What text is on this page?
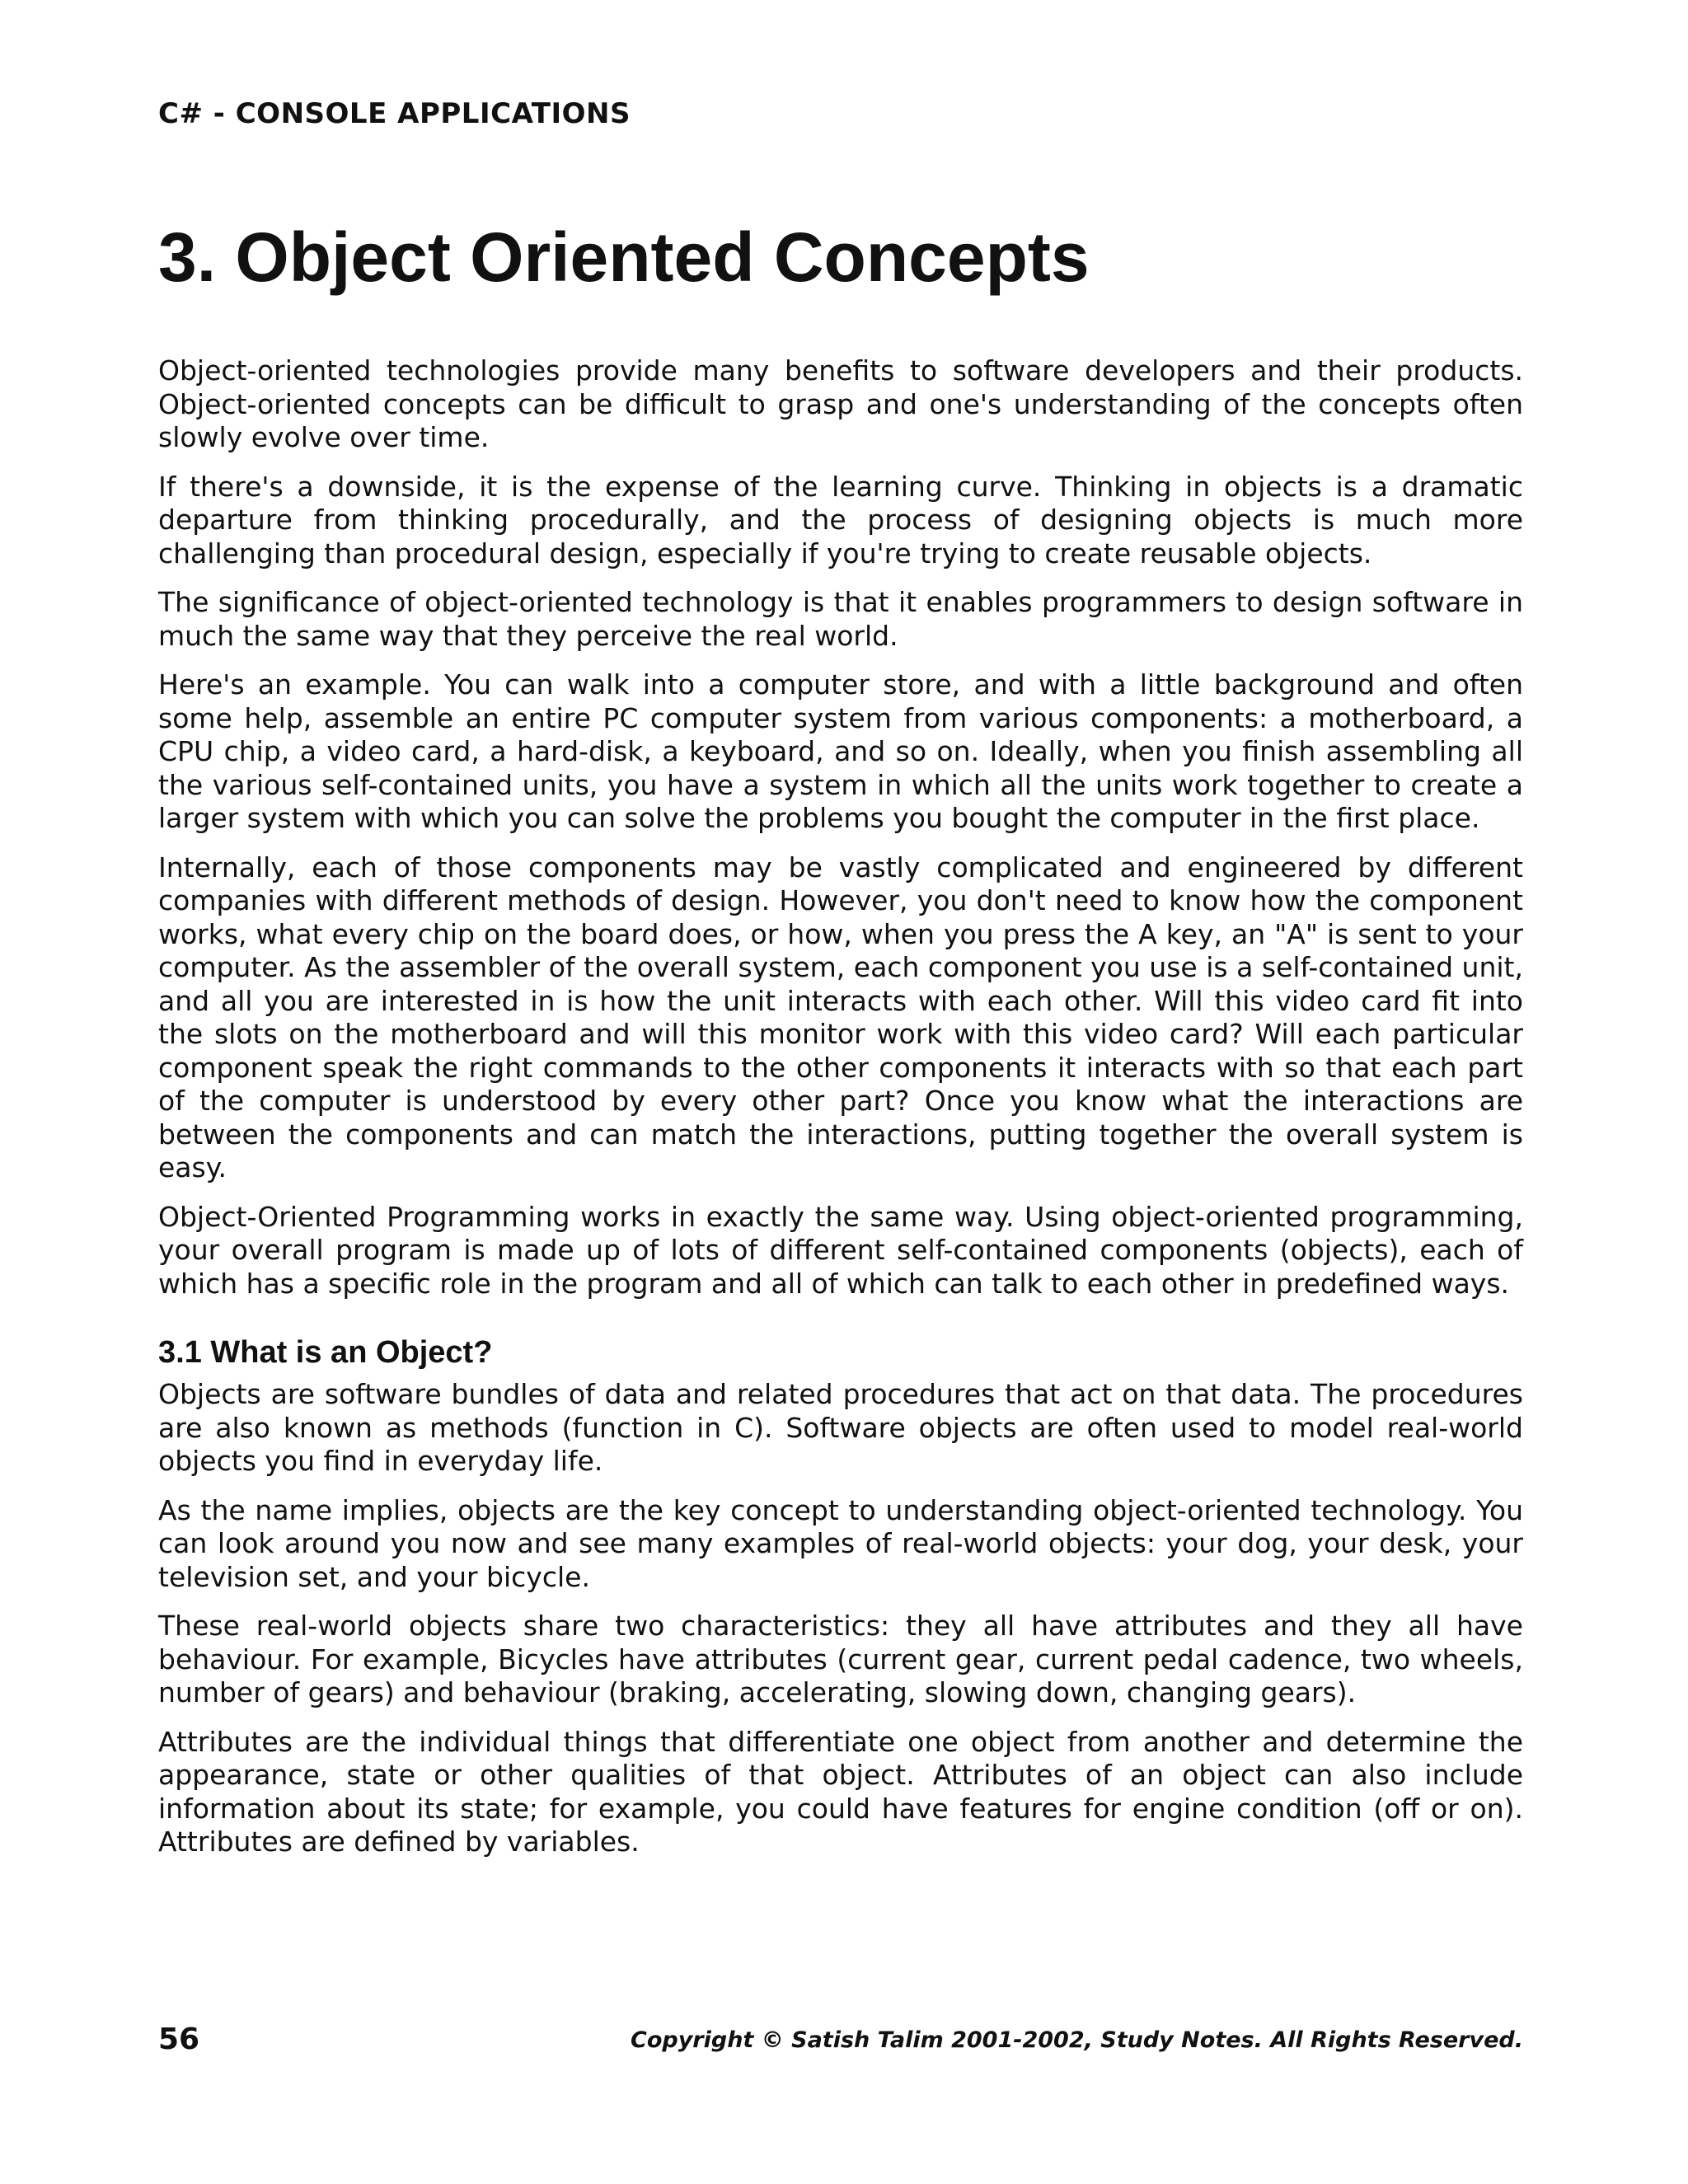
C# - CONSOLE APPLICATIONS
3. Object Oriented Concepts

Object-oriented technologies provide many benefits to software developers and their products. Object-oriented concepts can be difficult to grasp and one's understanding of the concepts often slowly evolve over time.

If there's a downside, it is the expense of the learning curve. Thinking in objects is a dramatic departure from thinking procedurally, and the process of designing objects is much more challenging than procedural design, especially if you're trying to create reusable objects.

The significance of object-oriented technology is that it enables programmers to design software in much the same way that they perceive the real world.

Here's an example. You can walk into a computer store, and with a little background and often some help, assemble an entire PC computer system from various components: a motherboard, a CPU chip, a video card, a hard-disk, a keyboard, and so on. Ideally, when you finish assembling all the various self-contained units, you have a system in which all the units work together to create a larger system with which you can solve the problems you bought the computer in the first place.

Internally, each of those components may be vastly complicated and engineered by different companies with different methods of design. However, you don't need to know how the component works, what every chip on the board does, or how, when you press the A key, an "A" is sent to your computer. As the assembler of the overall system, each component you use is a self-contained unit, and all you are interested in is how the unit interacts with each other. Will this video card fit into the slots on the motherboard and will this monitor work with this video card? Will each particular component speak the right commands to the other components it interacts with so that each part of the computer is understood by every other part? Once you know what the interactions are between the components and can match the interactions, putting together the overall system is easy.

Object-Oriented Programming works in exactly the same way. Using object-oriented programming, your overall program is made up of lots of different self-contained components (objects), each of which has a specific role in the program and all of which can talk to each other in predefined ways.

3.1 What is an Object?

Objects are software bundles of data and related procedures that act on that data. The procedures are also known as methods (function in C). Software objects are often used to model real-world objects you find in everyday life.

As the name implies, objects are the key concept to understanding object-oriented technology. You can look around you now and see many examples of real-world objects: your dog, your desk, your television set, and your bicycle.

These real-world objects share two characteristics: they all have attributes and they all have behaviour. For example, Bicycles have attributes (current gear, current pedal cadence, two wheels, number of gears) and behaviour (braking, accelerating, slowing down, changing gears).

Attributes are the individual things that differentiate one object from another and determine the appearance, state or other qualities of that object. Attributes of an object can also include information about its state; for example, you could have features for engine condition (off or on). Attributes are defined by variables.

56	Copyright © Satish Talim 2001-2002, Study Notes. All Rights Reserved.
